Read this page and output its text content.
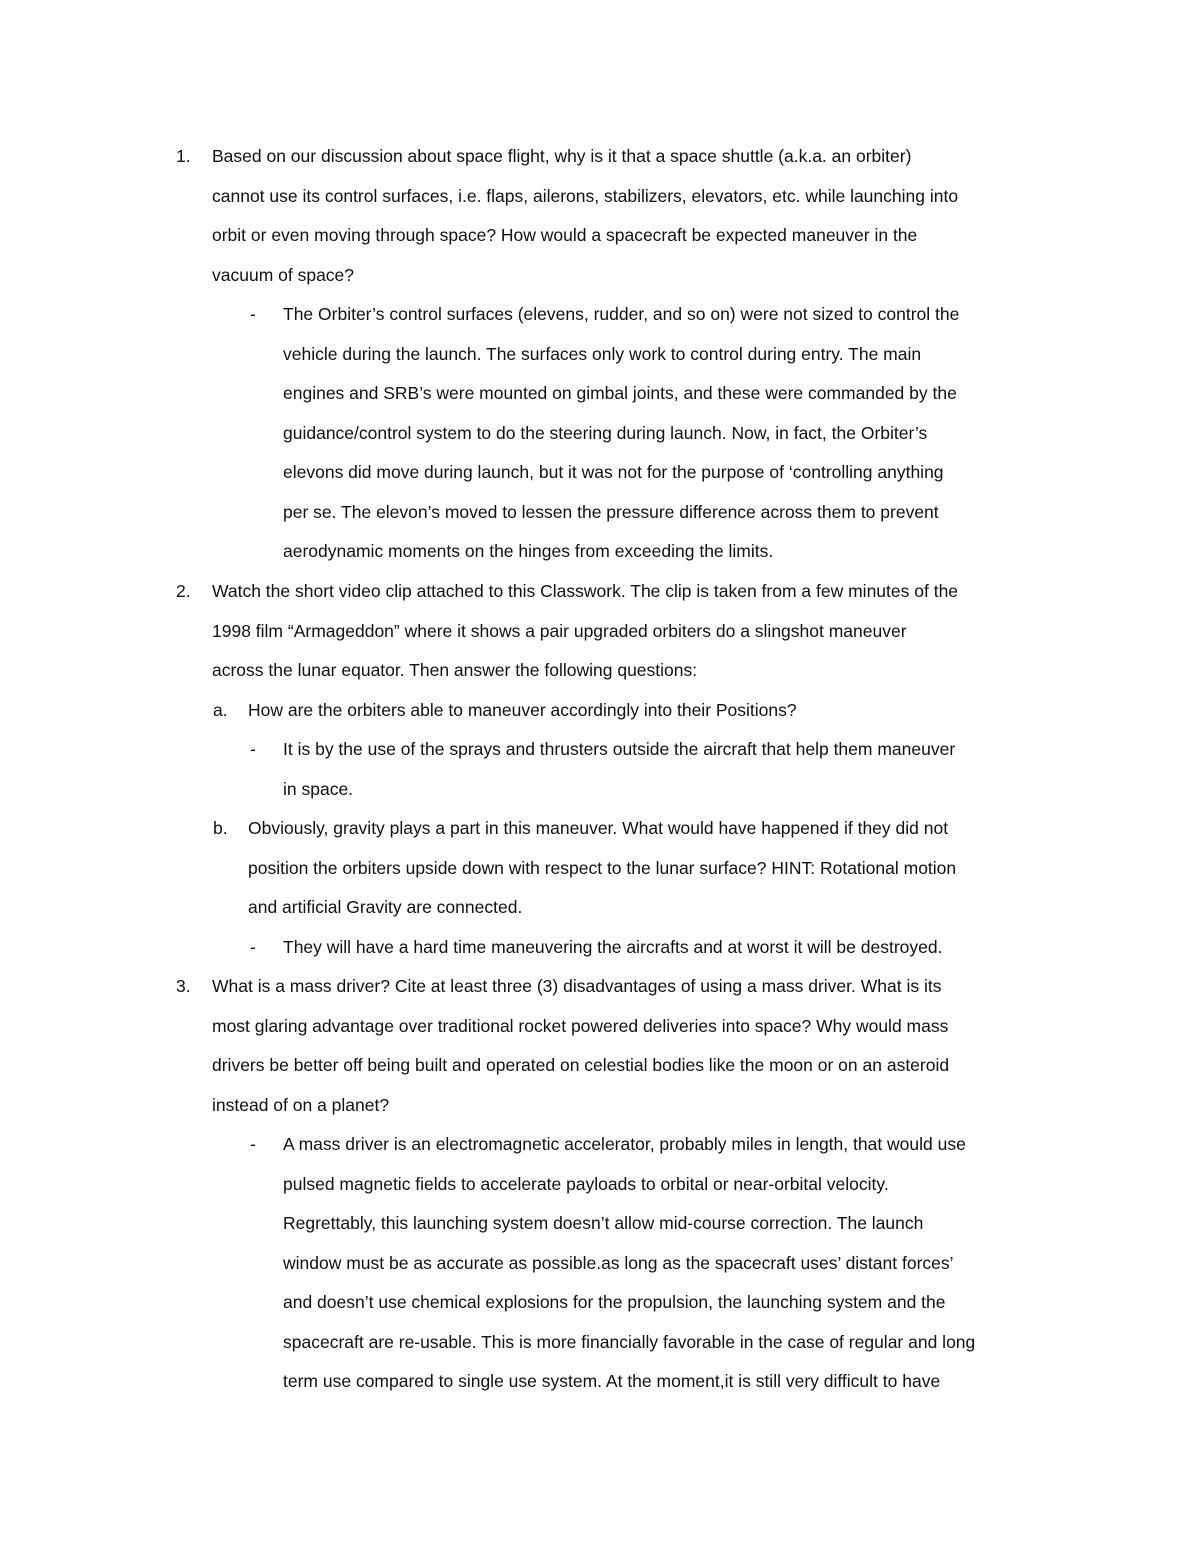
1. Based on our discussion about space flight, why is it that a space shuttle (a.k.a. an orbiter)
cannot use its control surfaces, i.e. flaps, ailerons, stabilizers, elevators, etc. while launching into
orbit or even moving through space? How would a spacecraft be expected maneuver in the
vacuum of space?
- The Orbiter’s control surfaces (elevens, rudder, and so on) were not sized to control the
vehicle during the launch. The surfaces only work to control during entry. The main
engines and SRB’s were mounted on gimbal joints, and these were commanded by the
guidance/control system to do the steering during launch. Now, in fact, the Orbiter’s
elevons did move during launch, but it was not for the purpose of ‘controlling anything
per se. The elevon’s moved to lessen the pressure difference across them to prevent
aerodynamic moments on the hinges from exceeding the limits.
2. Watch the short video clip attached to this Classwork. The clip is taken from a few minutes of the
1998 film “Armageddon” where it shows a pair upgraded orbiters do a slingshot maneuver
across the lunar equator. Then answer the following questions:
a. How are the orbiters able to maneuver accordingly into their Positions?
- It is by the use of the sprays and thrusters outside the aircraft that help them maneuver
in space.
b. Obviously, gravity plays a part in this maneuver. What would have happened if they did not
position the orbiters upside down with respect to the lunar surface? HINT: Rotational motion
and artificial Gravity are connected.
- They will have a hard time maneuvering the aircrafts and at worst it will be destroyed.
3. What is a mass driver? Cite at least three (3) disadvantages of using a mass driver. What is its
most glaring advantage over traditional rocket powered deliveries into space? Why would mass
drivers be better off being built and operated on celestial bodies like the moon or on an asteroid
instead of on a planet?
- A mass driver is an electromagnetic accelerator, probably miles in length, that would use
pulsed magnetic fields to accelerate payloads to orbital or near-orbital velocity.
Regrettably, this launching system doesn’t allow mid-course correction. The launch
window must be as accurate as possible.as long as the spacecraft uses’ distant forces’
and doesn’t use chemical explosions for the propulsion, the launching system and the
spacecraft are re-usable. This is more financially favorable in the case of regular and long
term use compared to single use system. At the moment,it is still very difficult to have
